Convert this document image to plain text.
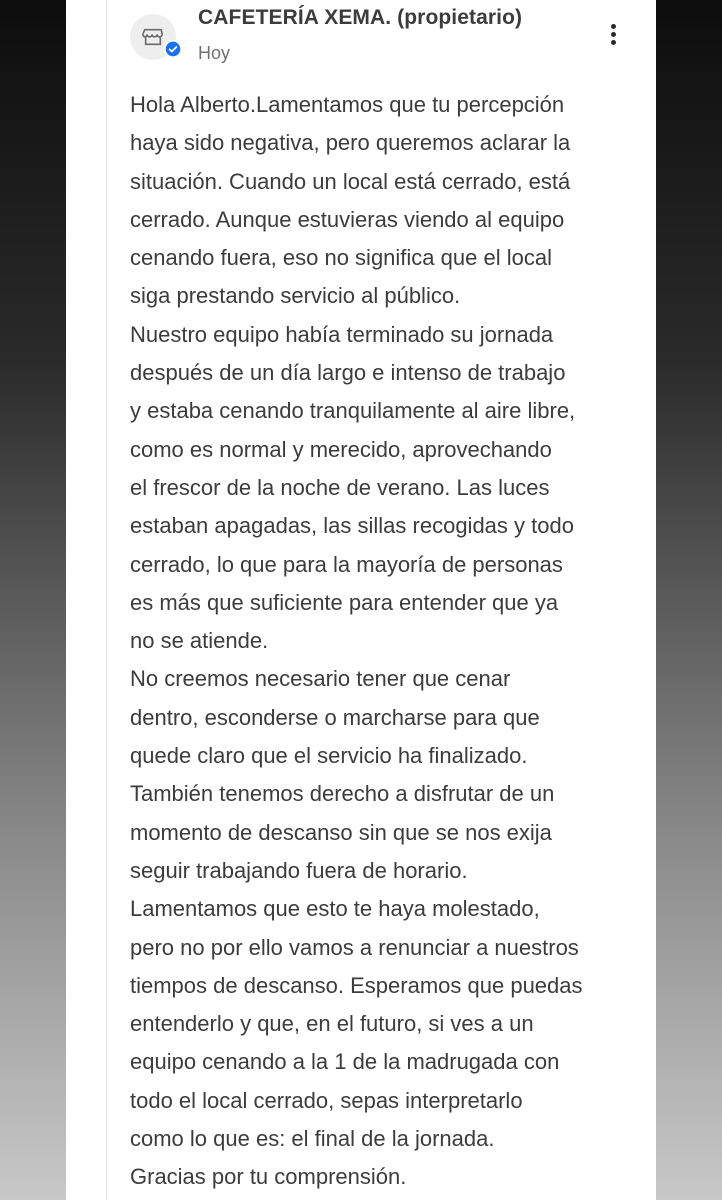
CAFETERÍA XEMA. (propietario)
Hoy
Hola Alberto.Lamentamos que tu percepción
haya sido negativa, pero queremos aclarar la
situación. Cuando un local está cerrado, está
cerrado. Aunque estuvieras viendo al equipo
cenando fuera, eso no significa que el local
siga prestando servicio al público.
Nuestro equipo había terminado su jornada
después de un día largo e intenso de trabajo
y estaba cenando tranquilamente al aire libre,
como es normal y merecido, aprovechando
el frescor de la noche de verano. Las luces
estaban apagadas, las sillas recogidas y todo
cerrado, lo que para la mayoría de personas
es más que suficiente para entender que ya
no se atiende.
No creemos necesario tener que cenar
dentro, esconderse o marcharse para que
quede claro que el servicio ha finalizado.
También tenemos derecho a disfrutar de un
momento de descanso sin que se nos exija
seguir trabajando fuera de horario.
Lamentamos que esto te haya molestado,
pero no por ello vamos a renunciar a nuestros
tiempos de descanso. Esperamos que puedas
entenderlo y que, en el futuro, si ves a un
equipo cenando a la 1 de la madrugada con
todo el local cerrado, sepas interpretarlo
como lo que es: el final de la jornada.
Gracias por tu comprensión.
